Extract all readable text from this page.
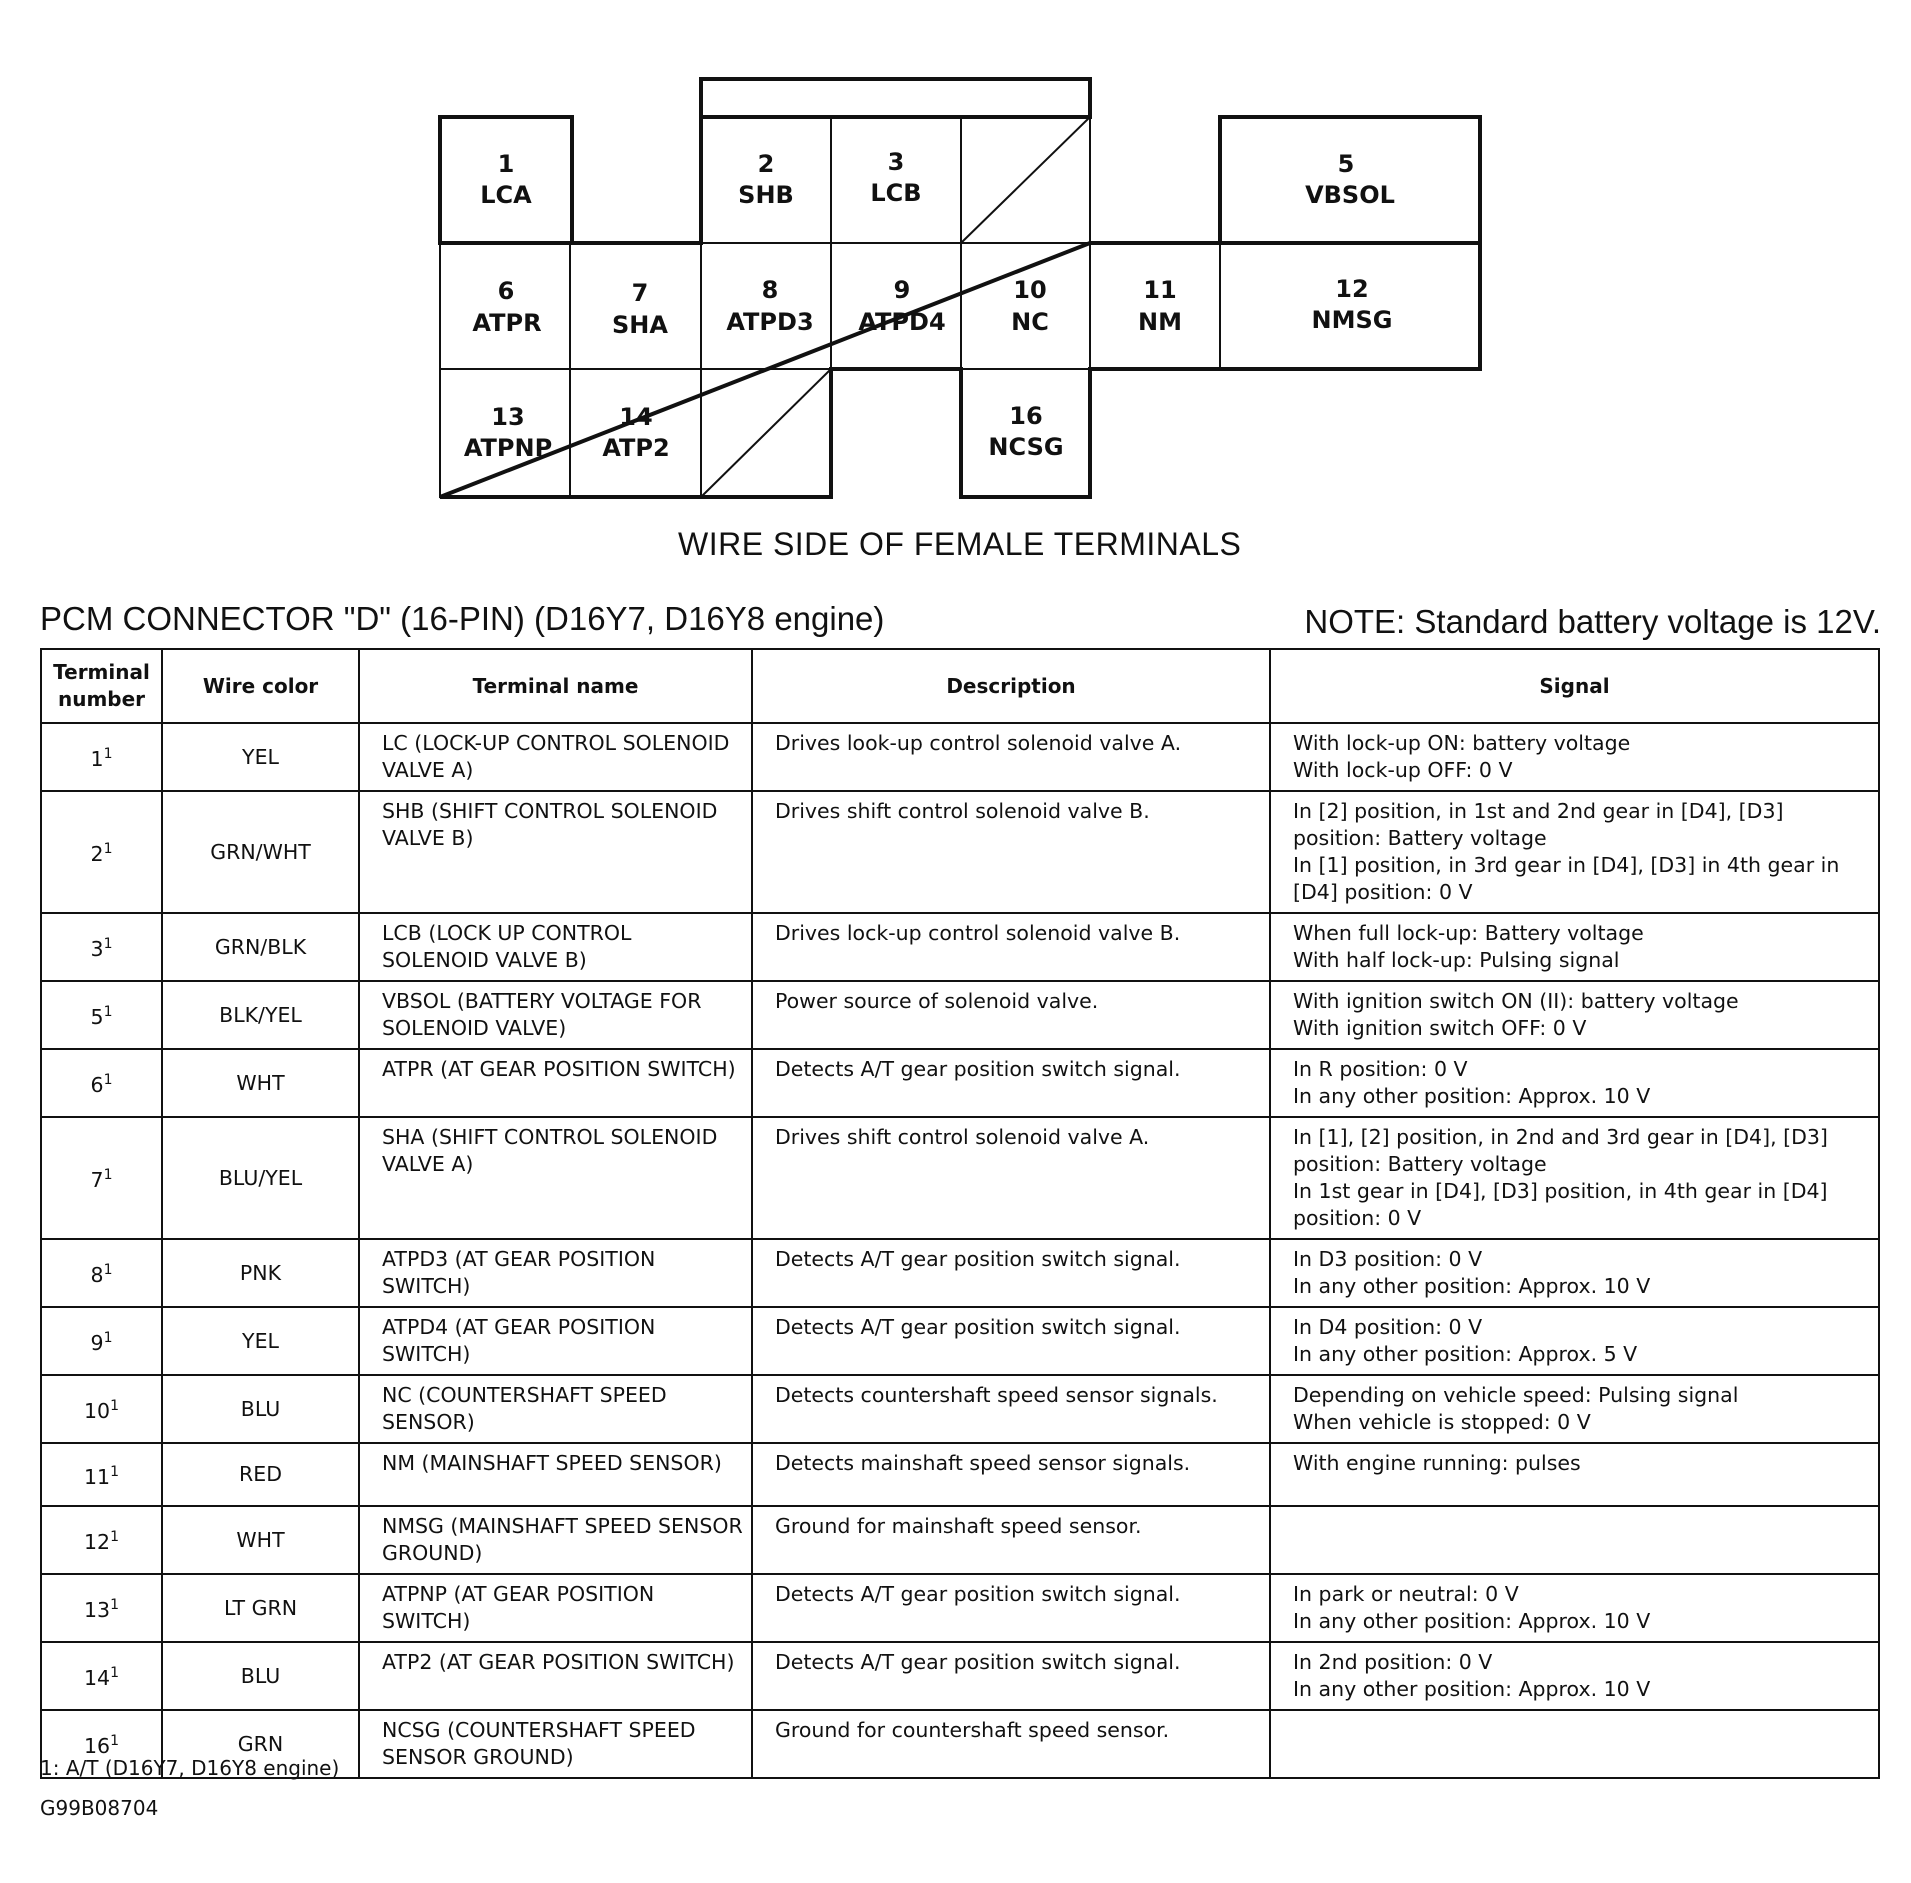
1
LCA
2
SHB
3
LCB
5
VBSOL
6
ATPR
7
SHA
8
ATPD3
9
ATPD4
10
NC
11
NM
12
NMSG
13
ATPNP
14
ATP2
16
NCSG
WIRE SIDE OF FEMALE TERMINALS
PCM CONNECTOR "D" (16-PIN) (D16Y7, D16Y8 engine)	NOTE: Standard battery voltage is 12V.
Terminal number	Wire color	Terminal name	Description	Signal
$1^1$	YEL	LC (LOCK-UP CONTROL SOLENOID VALVE A)	Drives look-up control solenoid valve A.	With lock-up ON: battery voltage
With lock-up OFF: 0 V
$2^1$	GRN/WHT	SHB (SHIFT CONTROL SOLENOID VALVE B)	Drives shift control solenoid valve B.	In [2] position, in 1st and 2nd gear in [D4], [D3] position: Battery voltage
In [1] position, in 3rd gear in [D4], [D3] in 4th gear in [D4] position: 0 V
$3^1$	GRN/BLK	LCB (LOCK UP CONTROL SOLENOID VALVE B)	Drives lock-up control solenoid valve B.	When full lock-up: Battery voltage
With half lock-up: Pulsing signal
$5^1$	BLK/YEL	VBSOL (BATTERY VOLTAGE FOR SOLENOID VALVE)	Power source of solenoid valve.	With ignition switch ON (II): battery voltage
With ignition switch OFF: 0 V
$6^1$	WHT	ATPR (AT GEAR POSITION SWITCH)	Detects A/T gear position switch signal.	In R position: 0 V
In any other position: Approx. 10 V
$7^1$	BLU/YEL	SHA (SHIFT CONTROL SOLENOID VALVE A)	Drives shift control solenoid valve A.	In [1], [2] position, in 2nd and 3rd gear in [D4], [D3] position: Battery voltage
In 1st gear in [D4], [D3] position, in 4th gear in [D4] position: 0 V
$8^1$	PNK	ATPD3 (AT GEAR POSITION SWITCH)	Detects A/T gear position switch signal.	In D3 position: 0 V
In any other position: Approx. 10 V
$9^1$	YEL	ATPD4 (AT GEAR POSITION SWITCH)	Detects A/T gear position switch signal.	In D4 position: 0 V
In any other position: Approx. 5 V
$10^1$	BLU	NC (COUNTERSHAFT SPEED SENSOR)	Detects countershaft speed sensor signals.	Depending on vehicle speed: Pulsing signal
When vehicle is stopped: 0 V
$11^1$	RED	NM (MAINSHAFT SPEED SENSOR)	Detects mainshaft speed sensor signals.	With engine running: pulses
$12^1$	WHT	NMSG (MAINSHAFT SPEED SENSOR GROUND)	Ground for mainshaft speed sensor.	
$13^1$	LT GRN	ATPNP (AT GEAR POSITION SWITCH)	Detects A/T gear position switch signal.	In park or neutral: 0 V
In any other position: Approx. 10 V
$14^1$	BLU	ATP2 (AT GEAR POSITION SWITCH)	Detects A/T gear position switch signal.	In 2nd position: 0 V
In any other position: Approx. 10 V
$16^1$	GRN	NCSG (COUNTERSHAFT SPEED SENSOR GROUND)	Ground for countershaft speed sensor.	
1: A/T (D16Y7, D16Y8 engine)
G99B08704
